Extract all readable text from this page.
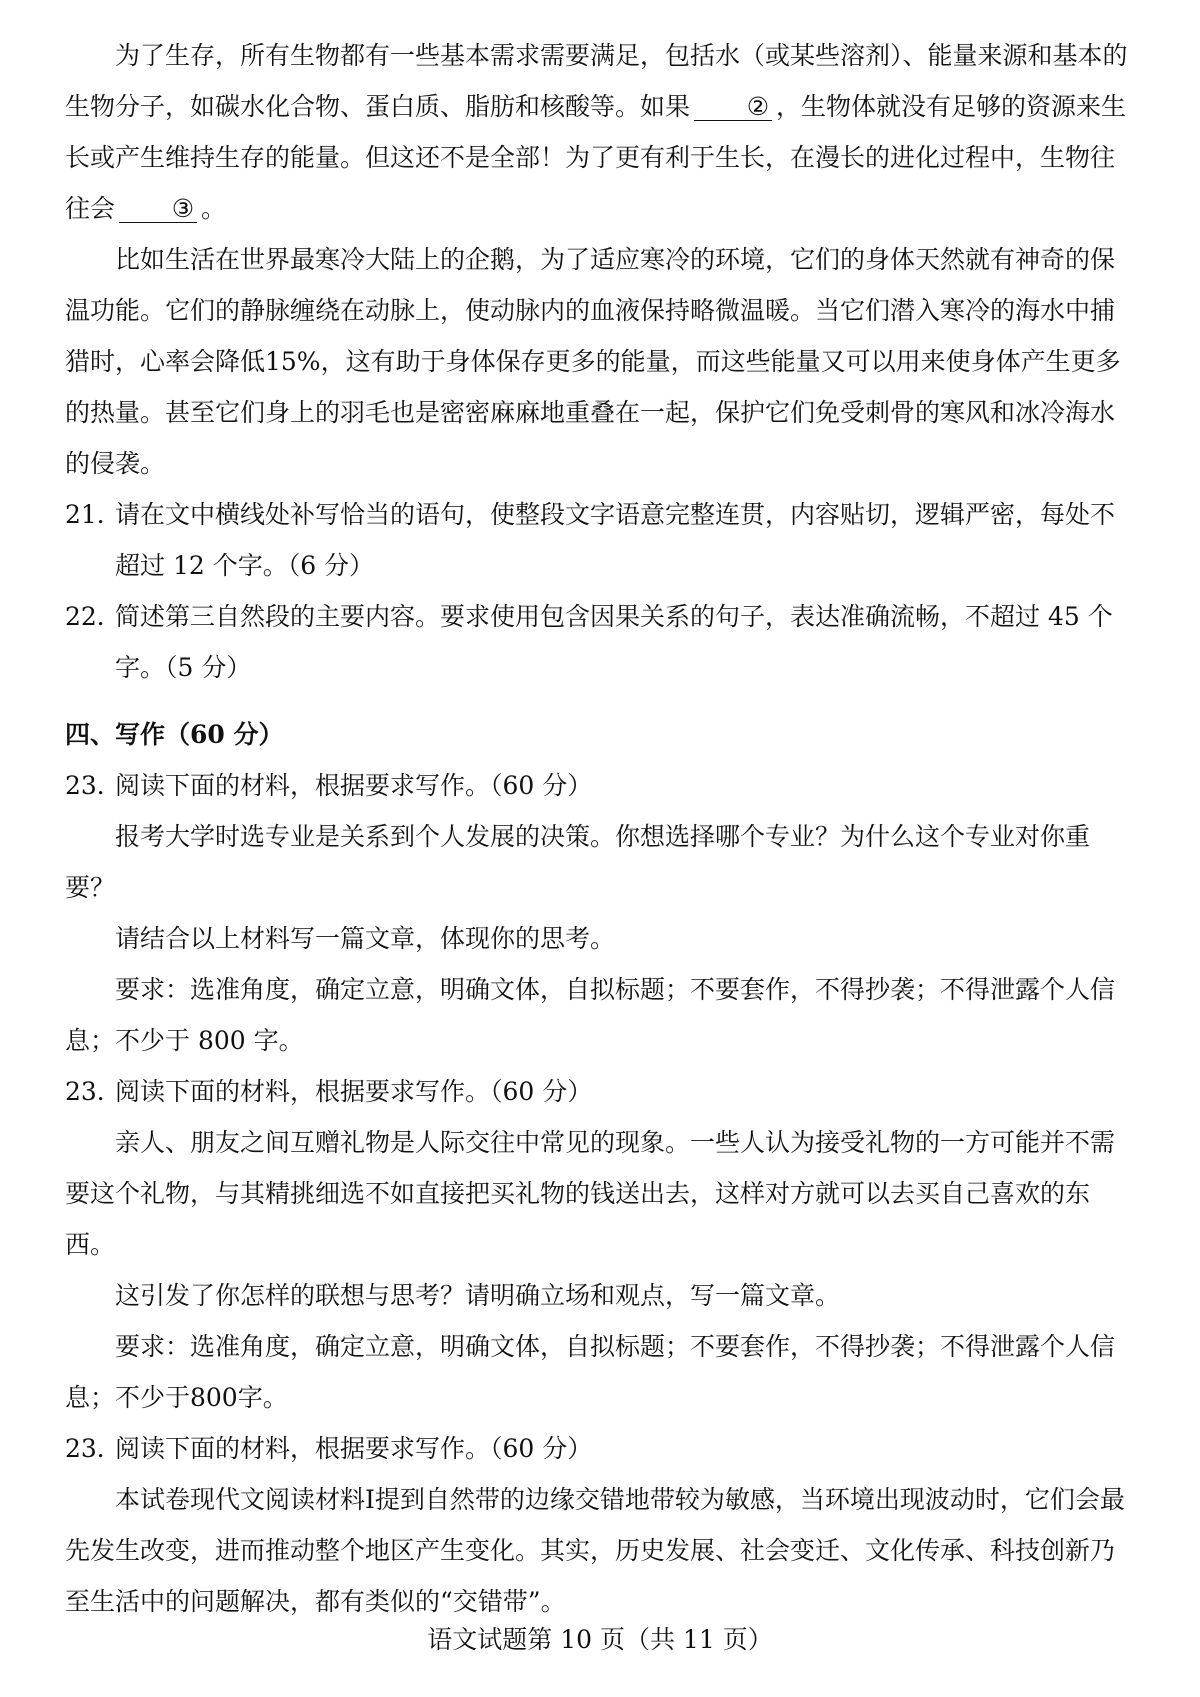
为了生存，所有生物都有一些基本需求需要满足，包括水（或某些溶剂）、能量来源和基本的生物分子，如碳水化合物、蛋白质、脂肪和核酸等。如果 ② ，生物体就没有足够的资源来生长或产生维持生存的能量。但这还不是全部！为了更有利于生长，在漫长的进化过程中，生物往往会 ③ 。

比如生活在世界最寒冷大陆上的企鹅，为了适应寒冷的环境，它们的身体天然就有神奇的保温功能。它们的静脉缠绕在动脉上，使动脉内的血液保持略微温暖。当它们潜入寒冷的海水中捕猎时，心率会降低15%，这有助于身体保存更多的能量，而这些能量又可以用来使身体产生更多的热量。甚至它们身上的羽毛也是密密麻麻地重叠在一起，保护它们免受刺骨的寒风和冰冷海水的侵袭。

21．请在文中横线处补写恰当的语句，使整段文字语意完整连贯，内容贴切，逻辑严密，每处不超过 12 个字。（6 分）

22．简述第三自然段的主要内容。要求使用包含因果关系的句子，表达准确流畅，不超过 45 个字。（5 分）

四、写作（60 分）

23．阅读下面的材料，根据要求写作。（60 分）

报考大学时选专业是关系到个人发展的决策。你想选择哪个专业？为什么这个专业对你重要？

请结合以上材料写一篇文章，体现你的思考。

要求：选准角度，确定立意，明确文体，自拟标题；不要套作，不得抄袭；不得泄露个人信息；不少于 800 字。

23．阅读下面的材料，根据要求写作。（60 分）

亲人、朋友之间互赠礼物是人际交往中常见的现象。一些人认为接受礼物的一方可能并不需要这个礼物，与其精挑细选不如直接把买礼物的钱送出去，这样对方就可以去买自己喜欢的东西。

这引发了你怎样的联想与思考？请明确立场和观点，写一篇文章。

要求：选准角度，确定立意，明确文体，自拟标题；不要套作，不得抄袭；不得泄露个人信息；不少于800字。

23．阅读下面的材料，根据要求写作。（60 分）

本试卷现代文阅读材料Ⅰ提到自然带的边缘交错地带较为敏感，当环境出现波动时，它们会最先发生改变，进而推动整个地区产生变化。其实，历史发展、社会变迁、文化传承、科技创新乃至生活中的问题解决，都有类似的“交错带”。

语文试题第 10 页（共 11 页）
